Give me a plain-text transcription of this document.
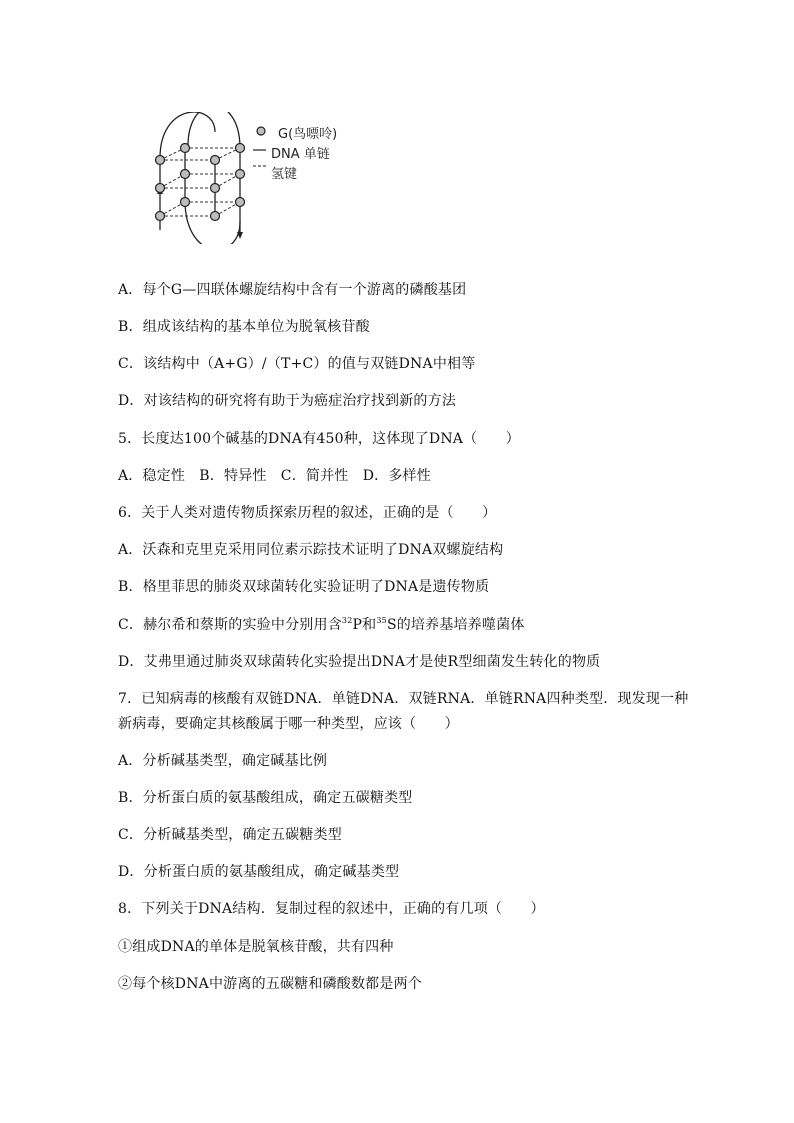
G(鸟嘌呤)
DNA 单链
氢键
A．每个G—四联体螺旋结构中含有一个游离的磷酸基团
B．组成该结构的基本单位为脱氧核苷酸
C．该结构中（A+G）/（T+C）的值与双链DNA中相等
D．对该结构的研究将有助于为癌症治疗找到新的方法
5．长度达100个碱基的DNA有450种，这体现了DNA（　　）
A．稳定性　B．特异性　C．简并性　D．多样性
6．关于人类对遗传物质探索历程的叙述，正确的是（　　）
A．沃森和克里克采用同位素示踪技术证明了DNA双螺旋结构
B．格里菲思的肺炎双球菌转化实验证明了DNA是遗传物质
C．赫尔希和蔡斯的实验中分别用含$^{32}$P和$^{35}$S的培养基培养噬菌体
D．艾弗里通过肺炎双球菌转化实验提出DNA才是使R型细菌发生转化的物质
7．已知病毒的核酸有双链DNA．单链DNA．双链RNA．单链RNA四种类型．现发现一种
新病毒，要确定其核酸属于哪一种类型，应该（　　）
A．分析碱基类型，确定碱基比例
B．分析蛋白质的氨基酸组成，确定五碳糖类型
C．分析碱基类型，确定五碳糖类型
D．分析蛋白质的氨基酸组成，确定碱基类型
8．下列关于DNA结构．复制过程的叙述中，正确的有几项（　　）
①组成DNA的单体是脱氧核苷酸，共有四种
②每个核DNA中游离的五碳糖和磷酸数都是两个
